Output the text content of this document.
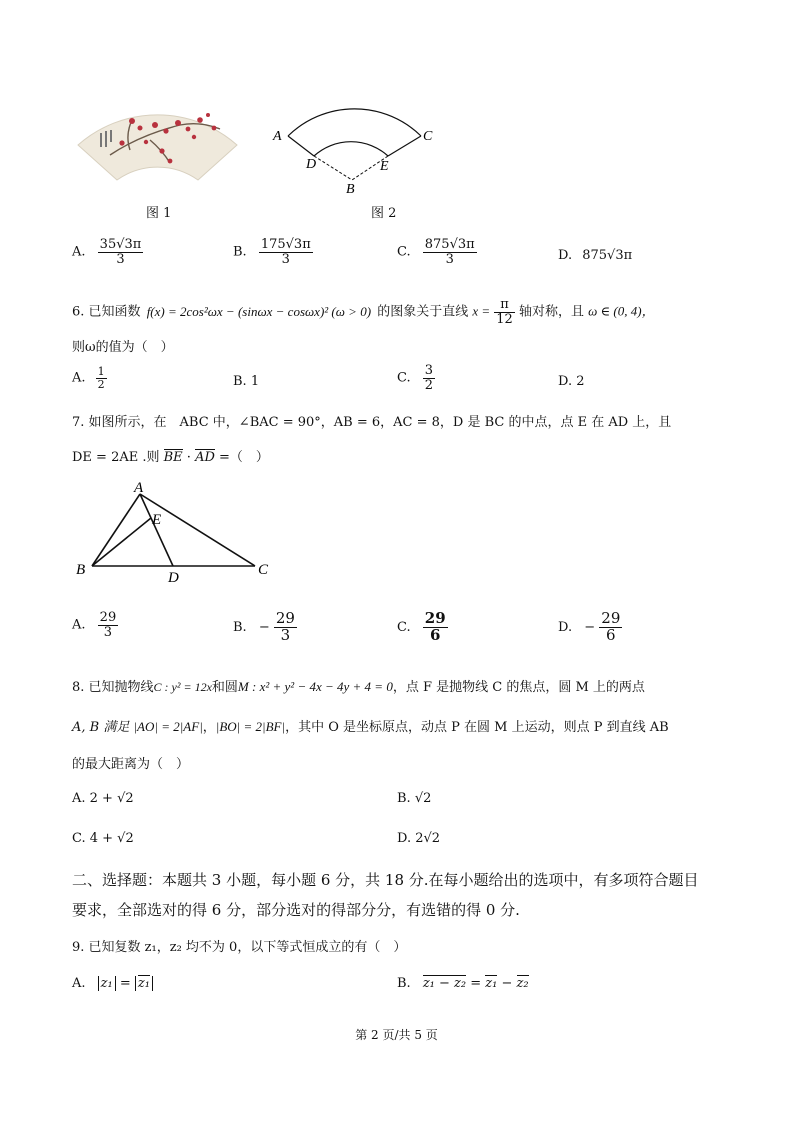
图 1
A	C
D	E
B
图 2
A. $\frac{35√3\pi}{3}$	B. $\frac{175√3\pi}{3}$	C. $\frac{875√3\pi}{3}$	D. 875√3π
6. 已知函数 f(x) = 2cos²ωx − (sinωx − cosωx)² (ω > 0) 的图象关于直线 $x = \frac{\pi}{12}$ 轴对称，且 ω ∈ (0, 4)，
则ω的值为（　）
A. $\frac{1}{2}$	B. 1	C. $\frac{3}{2}$	D. 2
7. 如图所示，在　ABC 中，∠BAC = 90°，AB = 6，AC = 8，D 是 BC 的中点，点 E 在 AD 上，且
DE = 2AE .则 BE · AD =（　）
A
E
B	D	C
A. $\frac{29}{3}$	B. − $\frac{29}{3}$	C. $\frac{29}{6}$	D. − $\frac{29}{6}$
8. 已知抛物线C : y² = 12x和圆M : x² + y² − 4x − 4y + 4 = 0，点 F 是抛物线 C 的焦点，圆 M 上的两点
A, B 满足 |AO| = 2|AF|，|BO| = 2|BF|，其中 O 是坐标原点，动点 P 在圆 M 上运动，则点 P 到直线 AB
的最大距离为（　）
A. 2 + √2	B. √2
C. 4 + √2	D. 2√2
二、选择题：本题共 3 小题，每小题 6 分，共 18 分.在每小题给出的选项中，有多项符合题目
要求，全部选对的得 6 分，部分选对的得部分分，有选错的得 0 分.
9. 已知复数 z₁，z₂ 均不为 0，以下等式恒成立的有（　）
A. z₁ = z₁	B. z₁ − z₂ = z₁ − z₂
第 2 页/共 5 页
